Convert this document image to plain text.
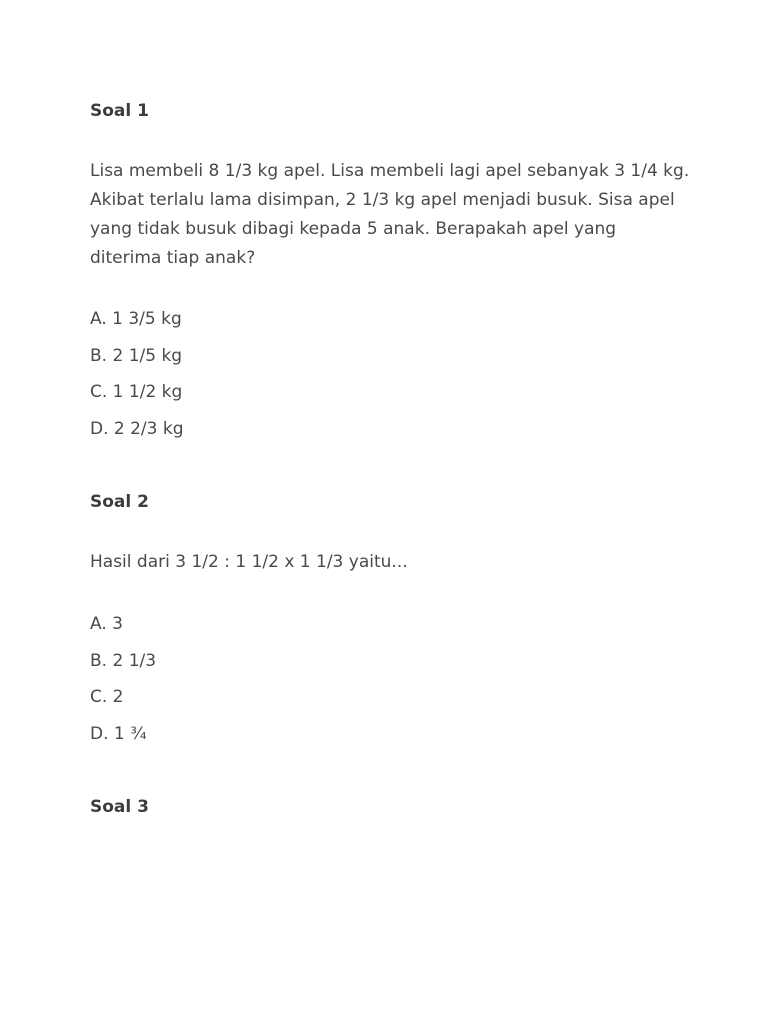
Soal 1

Lisa membeli 8 1/3 kg apel. Lisa membeli lagi apel sebanyak 3 1/4 kg. Akibat terlalu lama disimpan, 2 1/3 kg apel menjadi busuk. Sisa apel yang tidak busuk dibagi kepada 5 anak. Berapakah apel yang diterima tiap anak?

A. 1 3/5 kg
B. 2 1/5 kg
C. 1 1/2 kg
D. 2 2/3 kg
Soal 2

Hasil dari 3 1/2 : 1 1/2 x 1 1/3 yaitu...

A. 3
B. 2 1/3
C. 2
D. 1 ¾
Soal 3
